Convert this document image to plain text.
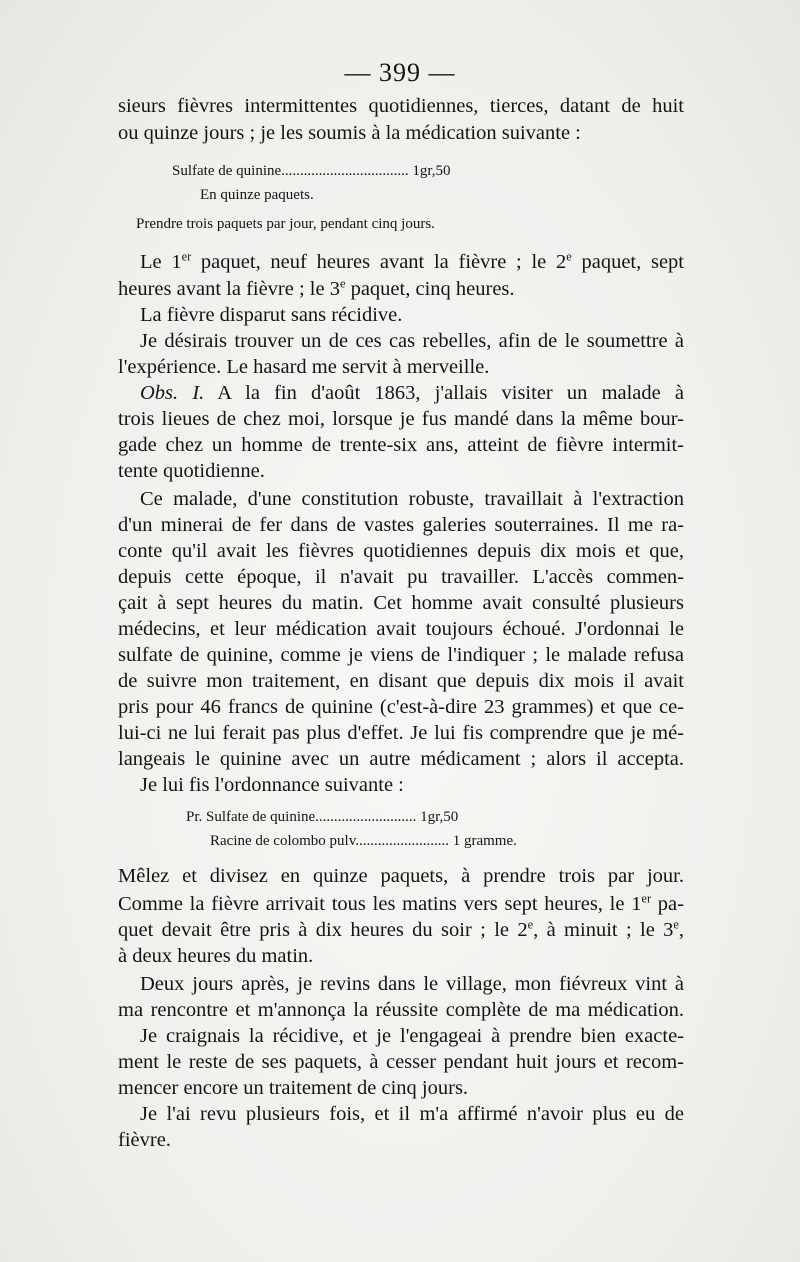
— 399 —
sieurs fièvres intermittentes quotidiennes, tierces, datant de huit
ou quinze jours ; je les soumis à la médication suivante :
Sulfate de quinine.................................. 1gr,50
En quinze paquets.
Prendre trois paquets par jour, pendant cinq jours.
Le 1er paquet, neuf heures avant la fièvre ; le 2e paquet, sept
heures avant la fièvre ; le 3e paquet, cinq heures.
La fièvre disparut sans récidive.
Je désirais trouver un de ces cas rebelles, afin de le soumettre à
l'expérience. Le hasard me servit à merveille.
Obs. I. A la fin d'août 1863, j'allais visiter un malade à
trois lieues de chez moi, lorsque je fus mandé dans la même bour-
gade chez un homme de trente-six ans, atteint de fièvre intermit-
tente quotidienne.
Ce malade, d'une constitution robuste, travaillait à l'extraction
d'un minerai de fer dans de vastes galeries souterraines. Il me ra-
conte qu'il avait les fièvres quotidiennes depuis dix mois et que,
depuis cette époque, il n'avait pu travailler. L'accès commen-
çait à sept heures du matin. Cet homme avait consulté plusieurs
médecins, et leur médication avait toujours échoué. J'ordonnai le
sulfate de quinine, comme je viens de l'indiquer ; le malade refusa
de suivre mon traitement, en disant que depuis dix mois il avait
pris pour 46 francs de quinine (c'est-à-dire 23 grammes) et que ce-
lui-ci ne lui ferait pas plus d'effet. Je lui fis comprendre que je mé-
langeais le quinine avec un autre médicament ; alors il accepta.
Je lui fis l'ordonnance suivante :
Pr. Sulfate de quinine........................... 1gr,50
Racine de colombo pulv......................... 1 gramme.
Mêlez et divisez en quinze paquets, à prendre trois par jour.
Comme la fièvre arrivait tous les matins vers sept heures, le 1er pa-
quet devait être pris à dix heures du soir ; le 2e, à minuit ; le 3e,
à deux heures du matin.
Deux jours après, je revins dans le village, mon fiévreux vint à
ma rencontre et m'annonça la réussite complète de ma médication.
Je craignais la récidive, et je l'engageai à prendre bien exacte-
ment le reste de ses paquets, à cesser pendant huit jours et recom-
mencer encore un traitement de cinq jours.
Je l'ai revu plusieurs fois, et il m'a affirmé n'avoir plus eu de
fièvre.
